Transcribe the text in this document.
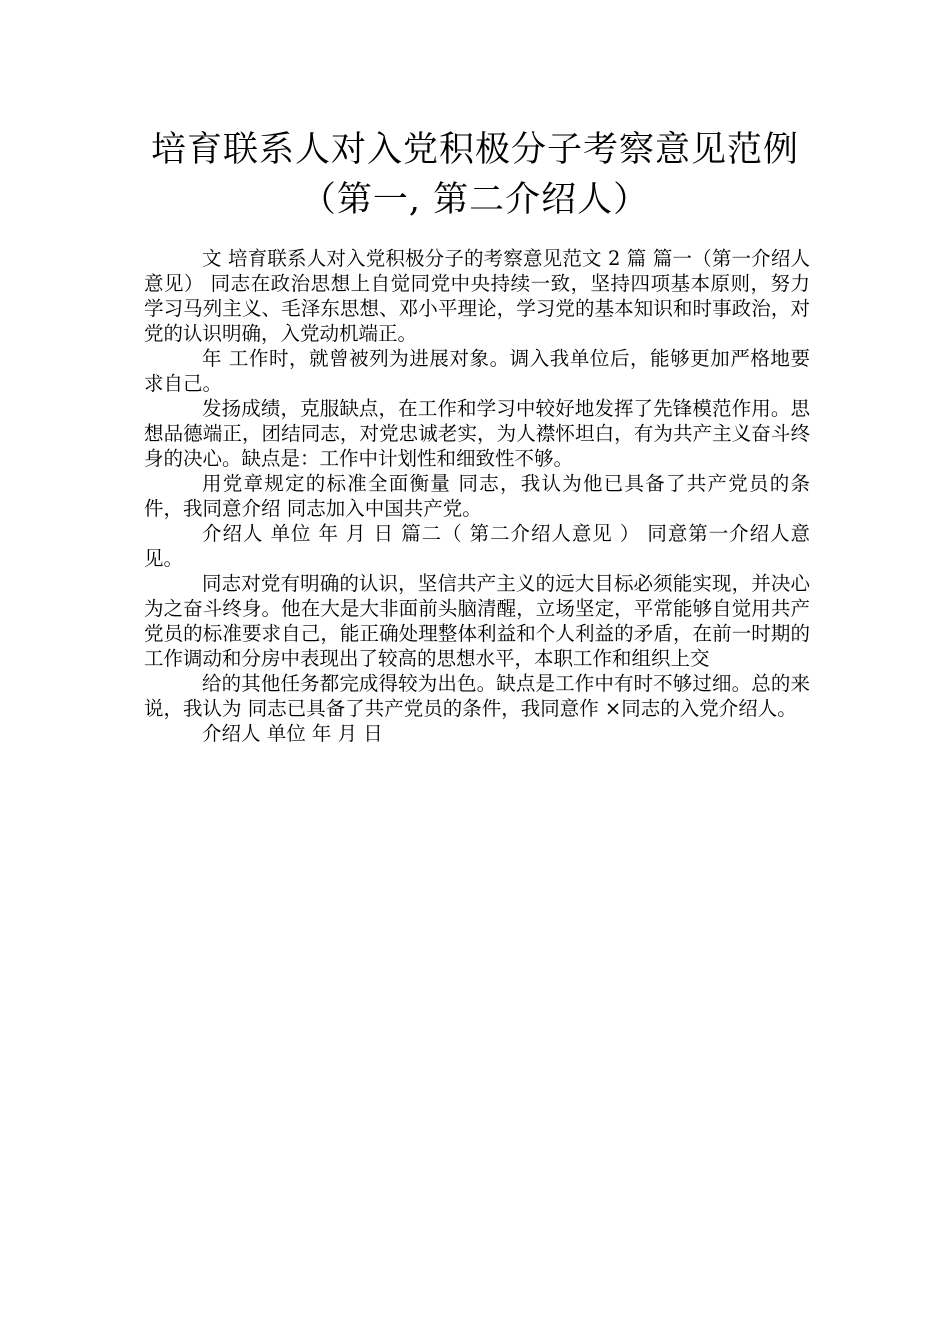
培育联系人对入党积极分子考察意见范例
（第一, 第二介绍人）

文 培育联系人对入党积极分子的考察意见范文 2 篇 篇一（第一介绍人意见） 同志在政治思想上自觉同党中央持续一致，坚持四项基本原则，努力学习马列主义、毛泽东思想、邓小平理论，学习党的基本知识和时事政治，对党的认识明确，入党动机端正。

年 工作时，就曾被列为进展对象。调入我单位后，能够更加严格地要求自己。

发扬成绩，克服缺点，在工作和学习中较好地发挥了先锋模范作用。思想品德端正，团结同志，对党忠诚老实，为人襟怀坦白，有为共产主义奋斗终身的决心。缺点是：工作中计划性和细致性不够。

用党章规定的标准全面衡量 同志，我认为他已具备了共产党员的条件，我同意介绍 同志加入中国共产党。

介绍人 单位 年 月 日 篇二（ 第二介绍人意见 ） 同意第一介绍人意见。

同志对党有明确的认识，坚信共产主义的远大目标必须能实现，并决心为之奋斗终身。他在大是大非面前头脑清醒，立场坚定，平常能够自觉用共产党员的标准要求自己，能正确处理整体利益和个人利益的矛盾，在前一时期的工作调动和分房中表现出了较高的思想水平，本职工作和组织上交

给的其他任务都完成得较为出色。缺点是工作中有时不够过细。总的来说，我认为 同志已具备了共产党员的条件，我同意作 ×同志的入党介绍人。

介绍人 单位 年 月 日
